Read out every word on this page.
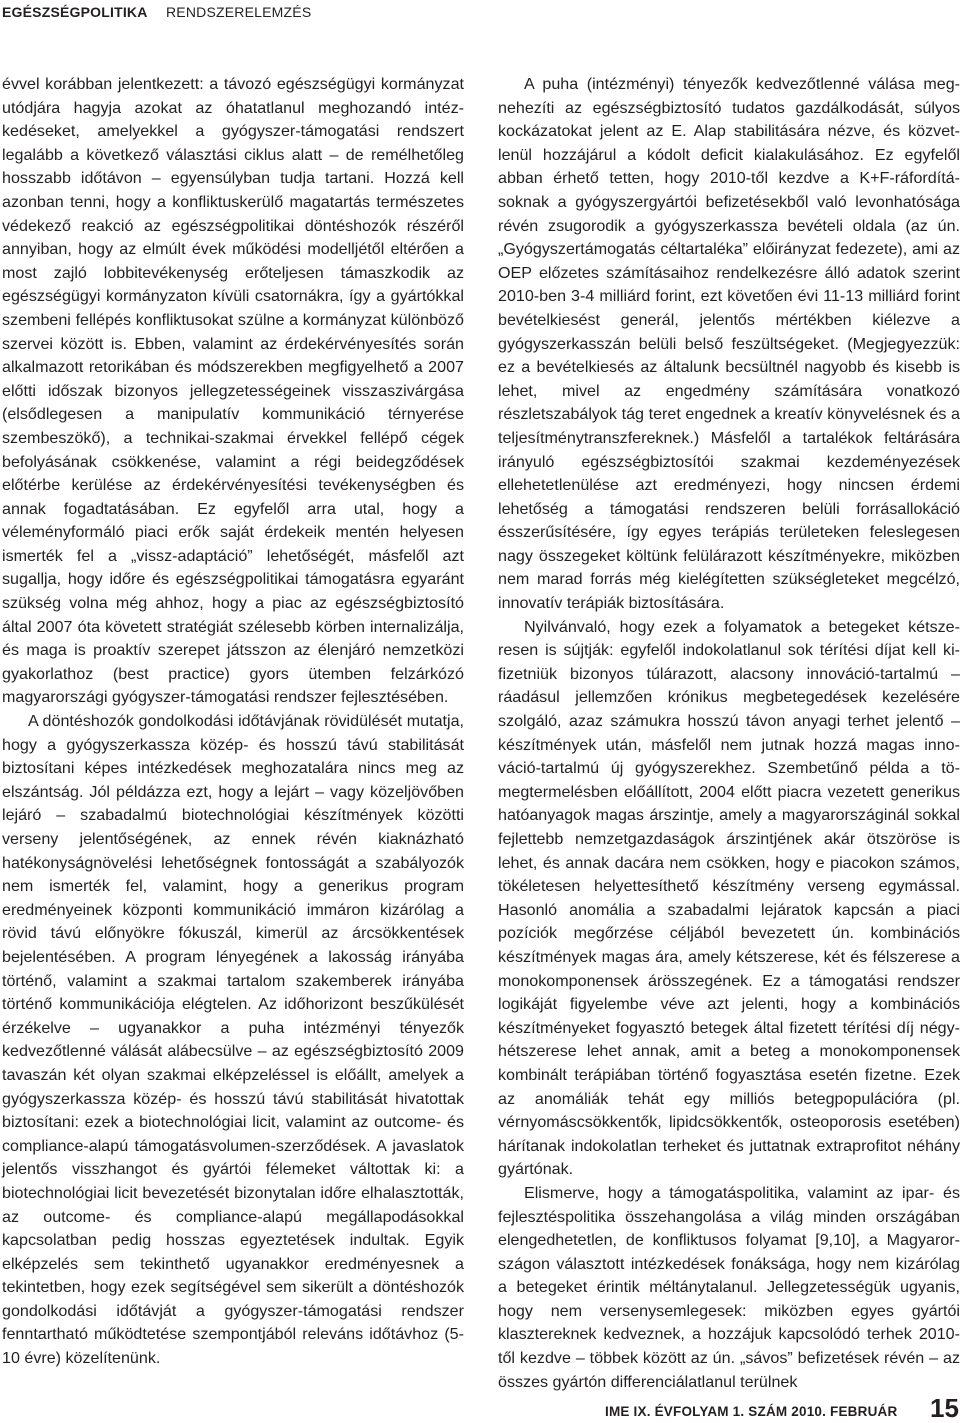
EGÉSZSÉGPOLITIKA RENDSZERELEMZÉS

évvel korábban jelentkezett: a távozó egészségügyi kormányzat utódjára hagyja azokat az óhatatlanul meghozandó intézkedéseket, amelyekkel a gyógyszer-támogatási rendszert legalább a következő választási ciklus alatt – de remélhetőleg hosszabb időtávon – egyensúlyban tudja tartani. Hozzá kell azonban tenni, hogy a konfliktuskerülő magatartás természetes védekező reakció az egészségpolitikai döntéshozók részéről annyiban, hogy az elmúlt évek működési modelljétől eltérően a most zajló lobbitevékenység erőteljesen támaszkodik az egészségügyi kormányzaton kívüli csatornákra, így a gyártókkal szembeni fellépés konfliktusokat szülne a kormányzat különböző szervei között is. Ebben, valamint az érdekérvényesítés során alkalmazott retorikában és módszerekben megfigyelhető a 2007 előtti időszak bizonyos jellegzetességeinek visszaszivárgása (elsődlegesen a manipulatív kommunikáció térnyerése szembeszökő), a technikai-szakmai érvekkel fellépő cégek befolyásának csökkenése, valamint a régi beidegződések előtérbe kerülése az érdekérvényesítési tevékenységben és annak fogadtatásában. Ez egyfelől arra utal, hogy a véleményformáló piaci erők saját érdekeik mentén helyesen ismerték fel a „vissz-adaptáció” lehetőségét, másfelől azt sugallja, hogy időre és egészségpolitikai támogatásra egyaránt szükség volna még ahhoz, hogy a piac az egészségbiztosító által 2007 óta követett stratégiát szélesebb körben internalizálja, és maga is proaktív szerepet játsszon az élenjáró nemzetközi gyakorlathoz (best practice) gyors ütemben felzárkózó magyarországi gyógyszer-támogatási rendszer fejlesztésében.

A döntéshozók gondolkodási időtávjának rövidülését mutatja, hogy a gyógyszerkassza közép- és hosszú távú stabilitását biztosítani képes intézkedések meghozatalára nincs meg az elszántság. Jól példázza ezt, hogy a lejárt – vagy közeljövőben lejáró – szabadalmú biotechnológiai készítmények közötti verseny jelentőségének, az ennek révén kiaknázható hatékonyságnövelési lehetőségnek fontosságát a szabályozók nem ismerték fel, valamint, hogy a generikus program eredményeinek központi kommunikáció immáron kizárólag a rövid távú előnyökre fókuszál, kimerül az árcsökkentések bejelentésében. A program lényegének a lakosság irányába történő, valamint a szakmai tartalom szakemberek irányába történő kommunikációja elégtelen. Az időhorizont beszűkülését érzékelve – ugyanakkor a puha intézményi tényezők kedvezőtlenné válását alábecsülve – az egészségbiztosító 2009 tavaszán két olyan szakmai elképzeléssel is előállt, amelyek a gyógyszerkassza közép- és hosszú távú stabilitását hivatottak biztosítani: ezek a biotechnológiai licit, valamint az outcome- és compliance-alapú támogatásvolumen-szerződések. A javaslatok jelentős visszhangot és gyártói félemeket váltottak ki: a biotechnológiai licit bevezetését bizonytalan időre elhalasztották, az outcome- és compliance-alapú megállapodásokkal kapcsolatban pedig hosszas egyeztetések indultak. Egyik elképzelés sem tekinthető ugyanakkor eredményesnek a tekintetben, hogy ezek segítségével sem sikerült a döntéshozók gondolkodási időtávját a gyógyszer-támogatási rendszer fenntartható működtetése szempontjából releváns időtávhoz (5-10 évre) közelítenünk.

A puha (intézményi) tényezők kedvezőtlenné válása megnehezíti az egészségbiztosító tudatos gazdálkodását, súlyos kockázatokat jelent az E. Alap stabilitására nézve, és közvetlenül hozzájárul a kódolt deficit kialakulásához. Ez egyfelől abban érhető tetten, hogy 2010-től kezdve a K+F-ráfordításoknak a gyógyszergyártói befizetésekből való levonhatósága révén zsugorodik a gyógyszerkassza bevételi oldala (az ún. „Gyógyszertámogatás céltartaléka” előirányzat fedezete), ami az OEP előzetes számításaihoz rendelkezésre álló adatok szerint 2010-ben 3-4 milliárd forint, ezt követően évi 11-13 milliárd forint bevételkiesést generál, jelentős mértékben kiélezve a gyógyszerkasszán belüli belső feszültségeket. (Megjegyezzük: ez a bevételkiesés az általunk becsültnél nagyobb és kisebb is lehet, mivel az engedmény számítására vonatkozó részletszabályok tág teret engednek a kreatív könyvelésnek és a teljesítménytranszfereknek.) Másfelől a tartalékok feltárására irányuló egészségbiztosítói szakmai kezdeményezések ellehetetlenülése azt eredményezi, hogy nincsen érdemi lehetőség a támogatási rendszeren belüli forrásallokáció ésszerűsítésére, így egyes terápiás területeken feleslegesen nagy összegeket költünk felülárazott készítményekre, miközben nem marad forrás még kielégítetten szükségleteket megcélzó, innovatív terápiák biztosítására.

Nyilvánvaló, hogy ezek a folyamatok a betegeket kétszeresen is sújtják: egyfelől indokolatlanul sok térítési díjat kell kifizetniük bizonyos túlárazott, alacsony innováció-tartalmú – ráadásul jellemzően krónikus megbetegedések kezelésére szolgáló, azaz számukra hosszú távon anyagi terhet jelentő – készítmények után, másfelől nem jutnak hozzá magas innováció-tartalmú új gyógyszerekhez. Szembetűnő példa a tömegtermelésben előállított, 2004 előtt piacra vezetett generikus hatóanyagok magas árszintje, amely a magyarországinál sokkal fejlettebb nemzetgazdaságok árszintjének akár ötszöröse is lehet, és annak dacára nem csökken, hogy e piacokon számos, tökéletesen helyettesíthető készítmény verseng egymással. Hasonló anomália a szabadalmi lejáratok kapcsán a piaci pozíciók megőrzése céljából bevezetett ún. kombinációs készítmények magas ára, amely kétszerese, két és félszerese a monokomponensek árösszegének. Ez a támogatási rendszer logikáját figyelembe véve azt jelenti, hogy a kombinációs készítményeket fogyasztó betegek által fizetett térítési díj négy-hétszerese lehet annak, amit a beteg a monokomponensek kombinált terápiában történő fogyasztása esetén fizetne. Ezek az anomáliák tehát egy milliós betegpopulációra (pl. vérnyomáscsökkentők, lipidcsökkentők, osteoporosis esetében) hárítanak indokolatlan terheket és juttatnak extraprofitot néhány gyártónak.

Elismerve, hogy a támogatáspolitika, valamint az ipar- és fejlesztéspolitika összehangolása a világ minden országában elengedhetetlen, de konfliktusos folyamat [9,10], a Magyarországon választott intézkedések fonáksága, hogy nem kizárólag a betegeket érintik méltánytalanul. Jellegzetességük ugyanis, hogy nem versenysemlegesek: miközben egyes gyártói klasztereknek kedveznek, a hozzájuk kapcsolódó terhek 2010-től kezdve – többek között az ún. „sávos” befizetések révén – az összes gyártón differenciálatlanul terülnek

IME IX. ÉVFOLYAM 1. SZÁM 2010. FEBRUÁR 15
